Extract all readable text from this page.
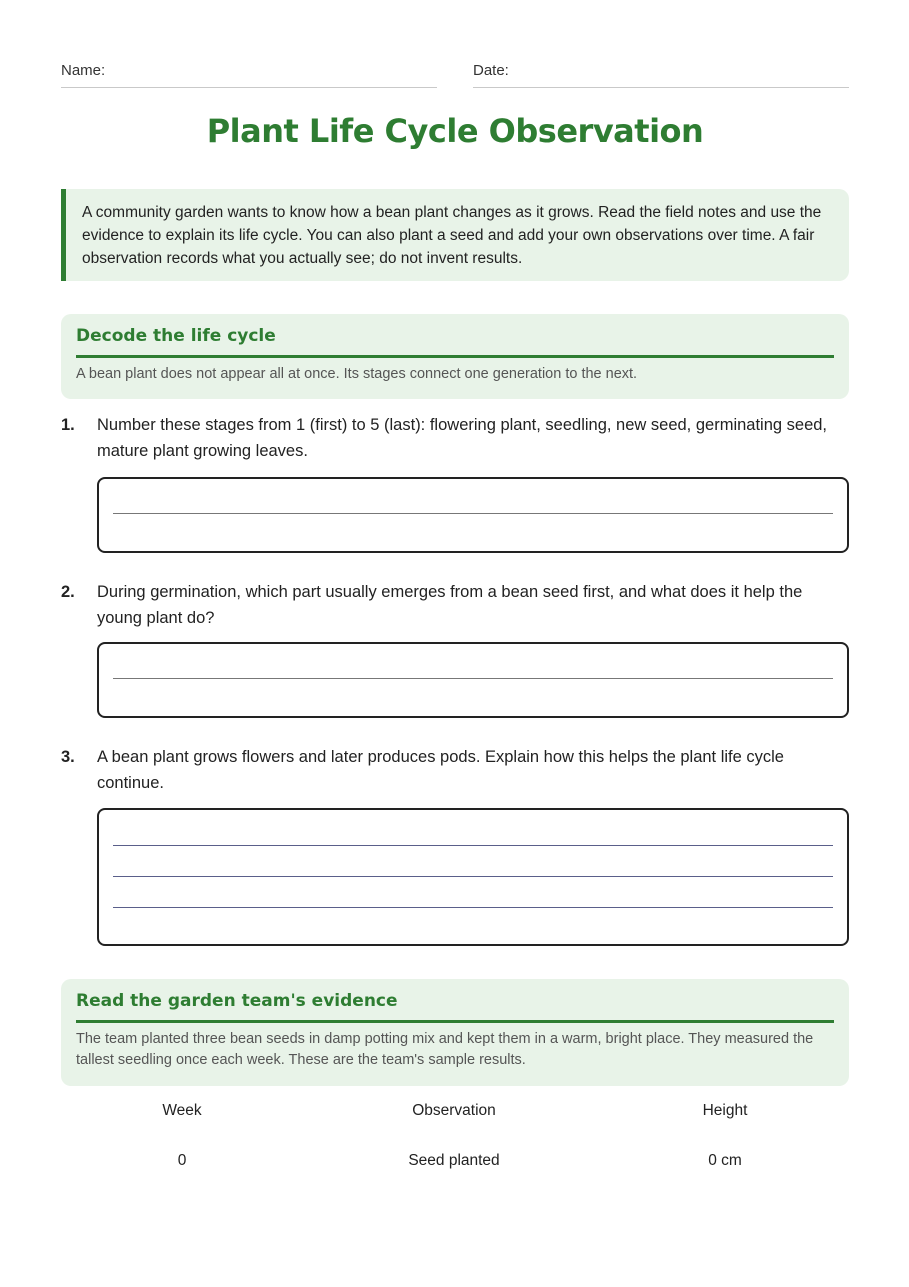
Name:	Date:
Plant Life Cycle Observation
A community garden wants to know how a bean plant changes as it grows. Read the field notes and use the evidence to explain its life cycle. You can also plant a seed and add your own observations over time. A fair observation records what you actually see; do not invent results.
Decode the life cycle

A bean plant does not appear all at once. Its stages connect one generation to the next.

1. Number these stages from 1 (first) to 5 (last): flowering plant, seedling, new seed, germinating seed, mature plant growing leaves.
2. During germination, which part usually emerges from a bean seed first, and what does it help the young plant do?
3. A bean plant grows flowers and later produces pods. Explain how this helps the plant life cycle continue.
Read the garden team's evidence

The team planted three bean seeds in damp potting mix and kept them in a warm, bright place. They measured the tallest seedling once each week. These are the team's sample results.

Week	Observation	Height
0	Seed planted	0 cm
